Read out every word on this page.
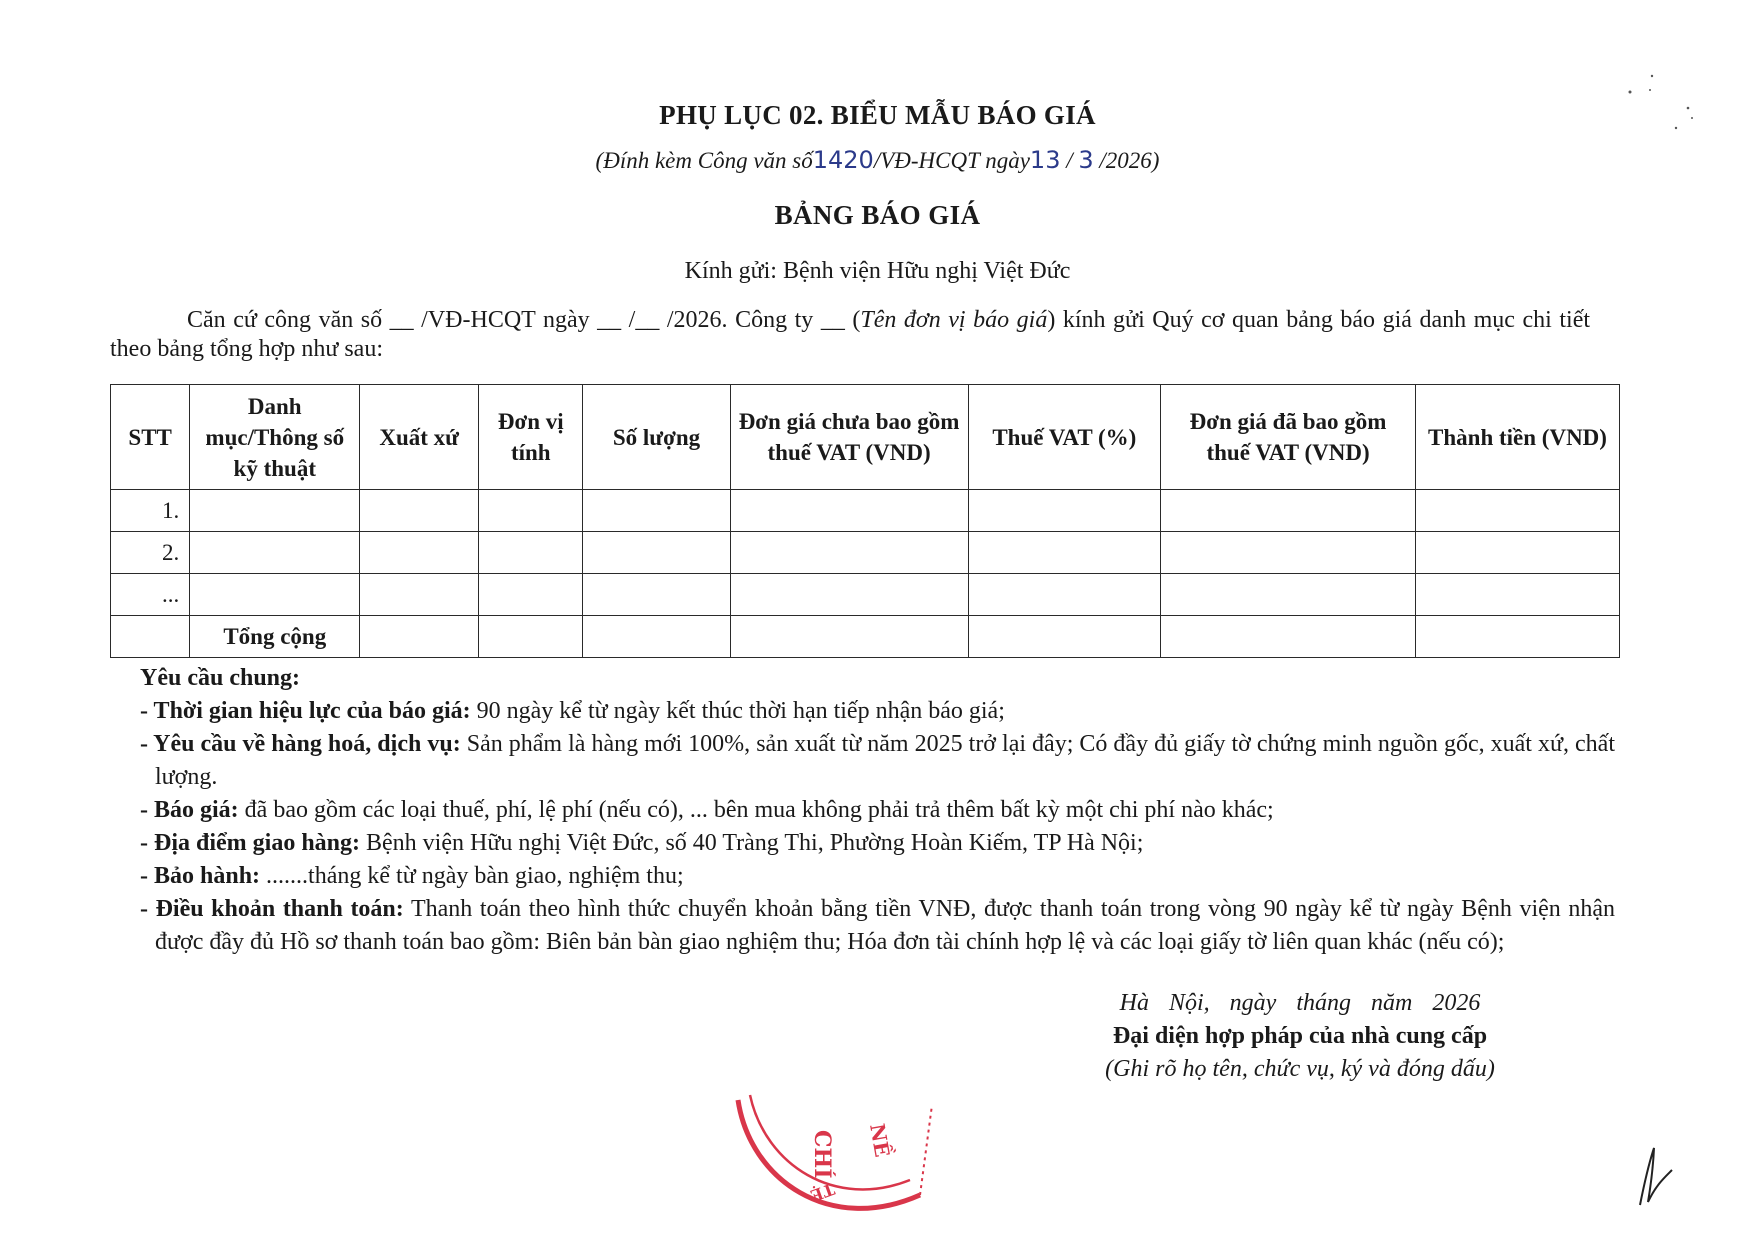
PHỤ LỤC 02. BIỂU MẪU BÁO GIÁ
(Đính kèm Công văn số1420/VĐ-HCQT ngày13 / 3 /2026)
BẢNG BÁO GIÁ
Kính gửi: Bệnh viện Hữu nghị Việt Đức
Căn cứ công văn số __ /VĐ-HCQT ngày __ /__ /2026. Công ty __ (Tên đơn vị báo giá) kính gửi Quý cơ quan bảng báo giá danh mục chi tiết theo bảng tổng hợp như sau:
STT	Danh mục/Thông số kỹ thuật	Xuất xứ	Đơn vị tính	Số lượng	Đơn giá chưa bao gồm thuế VAT (VND)	Thuế VAT (%)	Đơn giá đã bao gồm thuế VAT (VND)	Thành tiền (VND)
1.								
2.								
...								
	Tổng cộng							
Yêu cầu chung:
- Thời gian hiệu lực của báo giá: 90 ngày kể từ ngày kết thúc thời hạn tiếp nhận báo giá;
- Yêu cầu về hàng hoá, dịch vụ: Sản phẩm là hàng mới 100%, sản xuất từ năm 2025 trở lại đây; Có đầy đủ giấy tờ chứng minh nguồn gốc, xuất xứ, chất lượng.
- Báo giá: đã bao gồm các loại thuế, phí, lệ phí (nếu có), ... bên mua không phải trả thêm bất kỳ một chi phí nào khác;
- Địa điểm giao hàng: Bệnh viện Hữu nghị Việt Đức, số 40 Tràng Thi, Phường Hoàn Kiếm, TP Hà Nội;
- Bảo hành: .......tháng kể từ ngày bàn giao, nghiệm thu;
- Điều khoản thanh toán: Thanh toán theo hình thức chuyển khoản bằng tiền VNĐ, được thanh toán trong vòng 90 ngày kể từ ngày Bệnh viện nhận được đầy đủ Hồ sơ thanh toán bao gồm: Biên bản bàn giao nghiệm thu; Hóa đơn tài chính hợp lệ và các loại giấy tờ liên quan khác (nếu có);
Hà Nội, ngày tháng năm 2026
Đại diện hợp pháp của nhà cung cấp
(Ghi rõ họ tên, chức vụ, ký và đóng dấu)
CHÍ NỀ
TỆ
